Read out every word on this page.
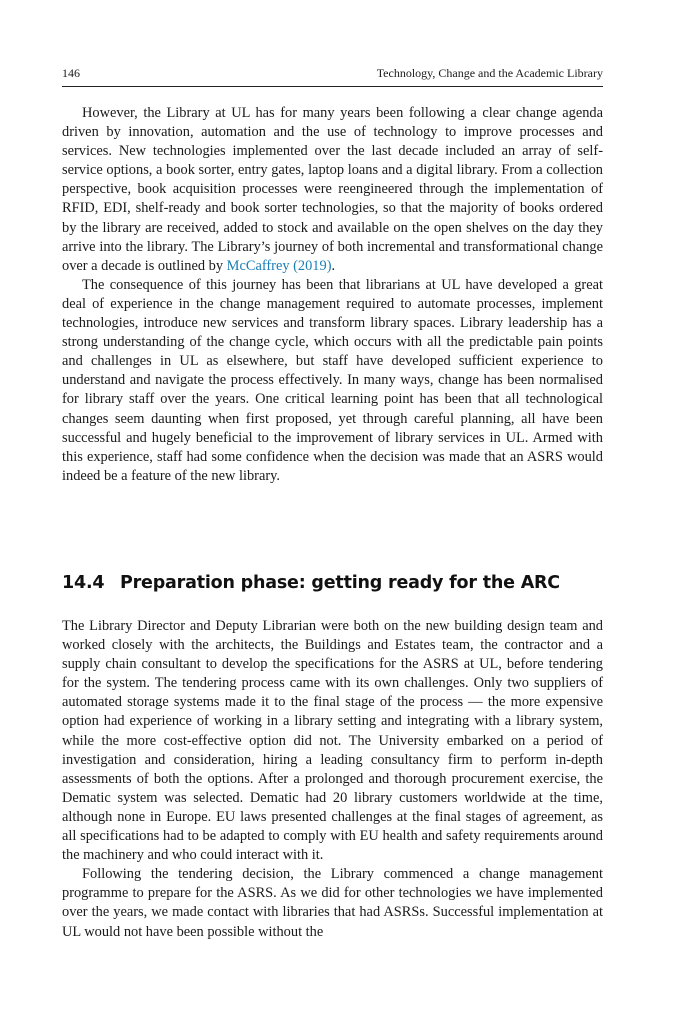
146	Technology, Change and the Academic Library

However, the Library at UL has for many years been following a clear change agenda driven by innovation, automation and the use of technology to improve processes and services. New technologies implemented over the last decade included an array of self-service options, a book sorter, entry gates, laptop loans and a digital library. From a collection perspective, book acquisition processes were reengineered through the implementation of RFID, EDI, shelf-ready and book sorter technologies, so that the majority of books ordered by the library are received, added to stock and available on the open shelves on the day they arrive into the library. The Library’s journey of both incremental and transformational change over a decade is outlined by McCaffrey (2019).

The consequence of this journey has been that librarians at UL have developed a great deal of experience in the change management required to automate processes, implement technologies, introduce new services and transform library spaces. Library leadership has a strong understanding of the change cycle, which occurs with all the predictable pain points and challenges in UL as elsewhere, but staff have developed sufficient experience to understand and navigate the process effectively. In many ways, change has been normalised for library staff over the years. One critical learning point has been that all technological changes seem daunting when first proposed, yet through careful planning, all have been successful and hugely beneficial to the improvement of library services in UL. Armed with this experience, staff had some confidence when the decision was made that an ASRS would indeed be a feature of the new library.

14.4 Preparation phase: getting ready for the ARC

The Library Director and Deputy Librarian were both on the new building design team and worked closely with the architects, the Buildings and Estates team, the contractor and a supply chain consultant to develop the specifications for the ASRS at UL, before tendering for the system. The tendering process came with its own challenges. Only two suppliers of automated storage systems made it to the final stage of the process — the more expensive option had experience of working in a library setting and integrating with a library system, while the more cost-effective option did not. The University embarked on a period of investigation and consideration, hiring a leading consultancy firm to perform in-depth assessments of both the options. After a prolonged and thorough procurement exercise, the Dematic system was selected. Dematic had 20 library customers worldwide at the time, although none in Europe. EU laws presented challenges at the final stages of agreement, as all specifications had to be adapted to comply with EU health and safety requirements around the machinery and who could interact with it.

Following the tendering decision, the Library commenced a change management programme to prepare for the ASRS. As we did for other technologies we have implemented over the years, we made contact with libraries that had ASRSs. Successful implementation at UL would not have been possible without the
